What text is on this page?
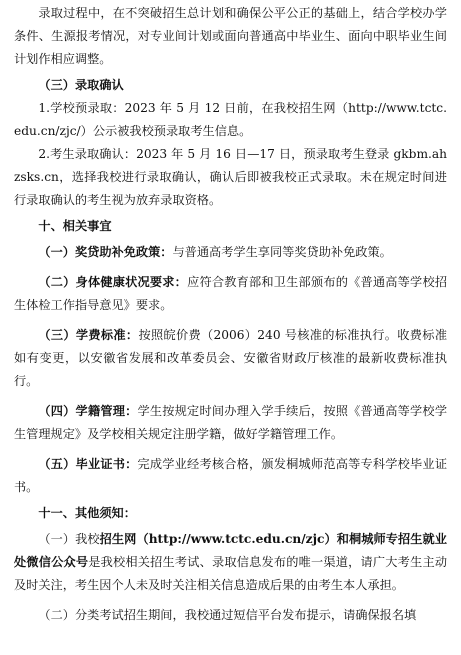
录取过程中，在不突破招生总计划和确保公平公正的基础上，结合学校办学条件、生源报考情况，对专业间计划或面向普通高中毕业生、面向中职毕业生间计划作相应调整。

（三）录取确认

1.学校预录取：2023 年 5 月 12 日前，在我校招生网（http://www.tctc.edu.cn/zjc/）公示被我校预录取考生信息。

2.考生录取确认：2023 年 5 月 16 日—17 日，预录取考生登录 gkbm.ahzsks.cn，选择我校进行录取确认，确认后即被我校正式录取。未在规定时间进行录取确认的考生视为放弃录取资格。

十、相关事宜

（一）奖贷助补免政策：与普通高考学生享同等奖贷助补免政策。

（二）身体健康状况要求：应符合教育部和卫生部颁布的《普通高等学校招生体检工作指导意见》要求。

（三）学费标准：按照皖价费（2006）240 号核准的标准执行。收费标准如有变更，以安徽省发展和改革委员会、安徽省财政厅核准的最新收费标准执行。

（四）学籍管理：学生按规定时间办理入学手续后，按照《普通高等学校学生管理规定》及学校相关规定注册学籍，做好学籍管理工作。

（五）毕业证书：完成学业经考核合格，颁发桐城师范高等专科学校毕业证书。

十一、其他须知：

（一）我校招生网（http://www.tctc.edu.cn/zjc）和桐城师专招生就业处微信公众号是我校相关招生考试、录取信息发布的唯一渠道，请广大考生主动及时关注，考生因个人未及时关注相关信息造成后果的由考生本人承担。

（二）分类考试招生期间，我校通过短信平台发布提示，请确保报名填
